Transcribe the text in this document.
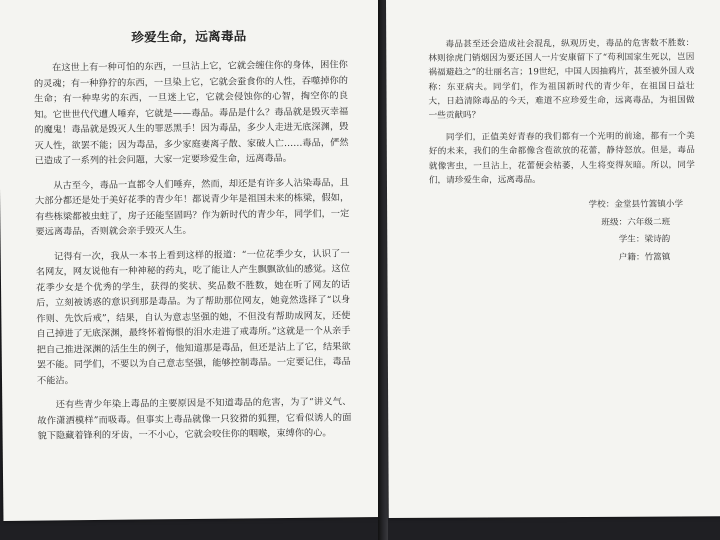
珍爱生命，远离毒品

在这世上有一种可怕的东西，一旦沾上它，它就会缠住你的身体，困住你的灵魂；有一种狰狞的东西，一旦染上它，它就会蚕食你的人性，吞噬掉你的生命；有一种卑劣的东西，一旦迷上它，它就会侵蚀你的心智，掏空你的良知。它世世代代遭人唾弃，它就是——毒品。毒品是什么？毒品就是毁灭幸福的魔鬼！毒品就是毁灭人生的罪恶黑手！因为毒品，多少人走进无底深渊，毁灭人性，欲罢不能；因为毒品，多少家庭妻离子散、家破人亡……毒品，俨然已造成了一系列的社会问题，大家一定要珍爱生命，远离毒品。

从古至今，毒品一直都令人们唾弃，然而，却还是有许多人沾染毒品，且大部分都还是处于美好花季的青少年！都说青少年是祖国未来的栋梁，假如，有些栋梁都被虫蛀了，房子还能坚固吗？作为新时代的青少年，同学们，一定要远离毒品，否则就会亲手毁灭人生。

记得有一次，我从一本书上看到这样的报道：“一位花季少女，认识了一名网友，网友说他有一种神秘的药丸，吃了能让人产生飘飘欲仙的感觉。这位花季少女是个优秀的学生，获得的奖状、奖品数不胜数，她在听了网友的话后，立刻被诱惑的意识到那是毒品。为了帮助那位网友，她竟然选择了“以身作则、先饮后戒”，结果，自认为意志坚强的她，不但没有帮助成网友，还使自己掉进了无底深渊，最终怀着悔恨的泪水走进了戒毒所。”这就是一个从亲手把自己推进深渊的活生生的例子，他知道那是毒品，但还是沾上了它，结果欲罢不能。同学们，不要以为自己意志坚强，能够控制毒品。一定要记住，毒品不能沾。

还有些青少年染上毒品的主要原因是不知道毒品的危害，为了“讲义气、故作潇洒模样”而吸毒。但事实上毒品就像一只狡猾的狐狸，它看似诱人的面貌下隐藏着锋利的牙齿，一不小心，它就会咬住你的咽喉，束缚你的心。

毒品甚至还会造成社会混乱，纵观历史，毒品的危害数不胜数：林则徐虎门销烟因为要还国人一片安康留下了“苟利国家生死以，岂因祸福避趋之”的壮丽名言；19世纪，中国人因抽鸦片，甚至被外国人戏称：东亚病夫。同学们，作为祖国新时代的青少年，在祖国日益壮大，日趋清除毒品的今天，难道不应珍爱生命，远离毒品，为祖国做一些贡献吗？

同学们，正值美好青春的我们都有一个光明的前途，都有一个美好的未来，我们的生命都像含苞欲放的花蕾，静待怒放。但是，毒品就像害虫，一旦沾上，花蕾便会枯萎，人生将变得灰暗。所以，同学们，请珍爱生命，远离毒品。

学校：金堂县竹篙镇小学
班级：六年级二班
学生：梁诗韵
户籍：竹篙镇
